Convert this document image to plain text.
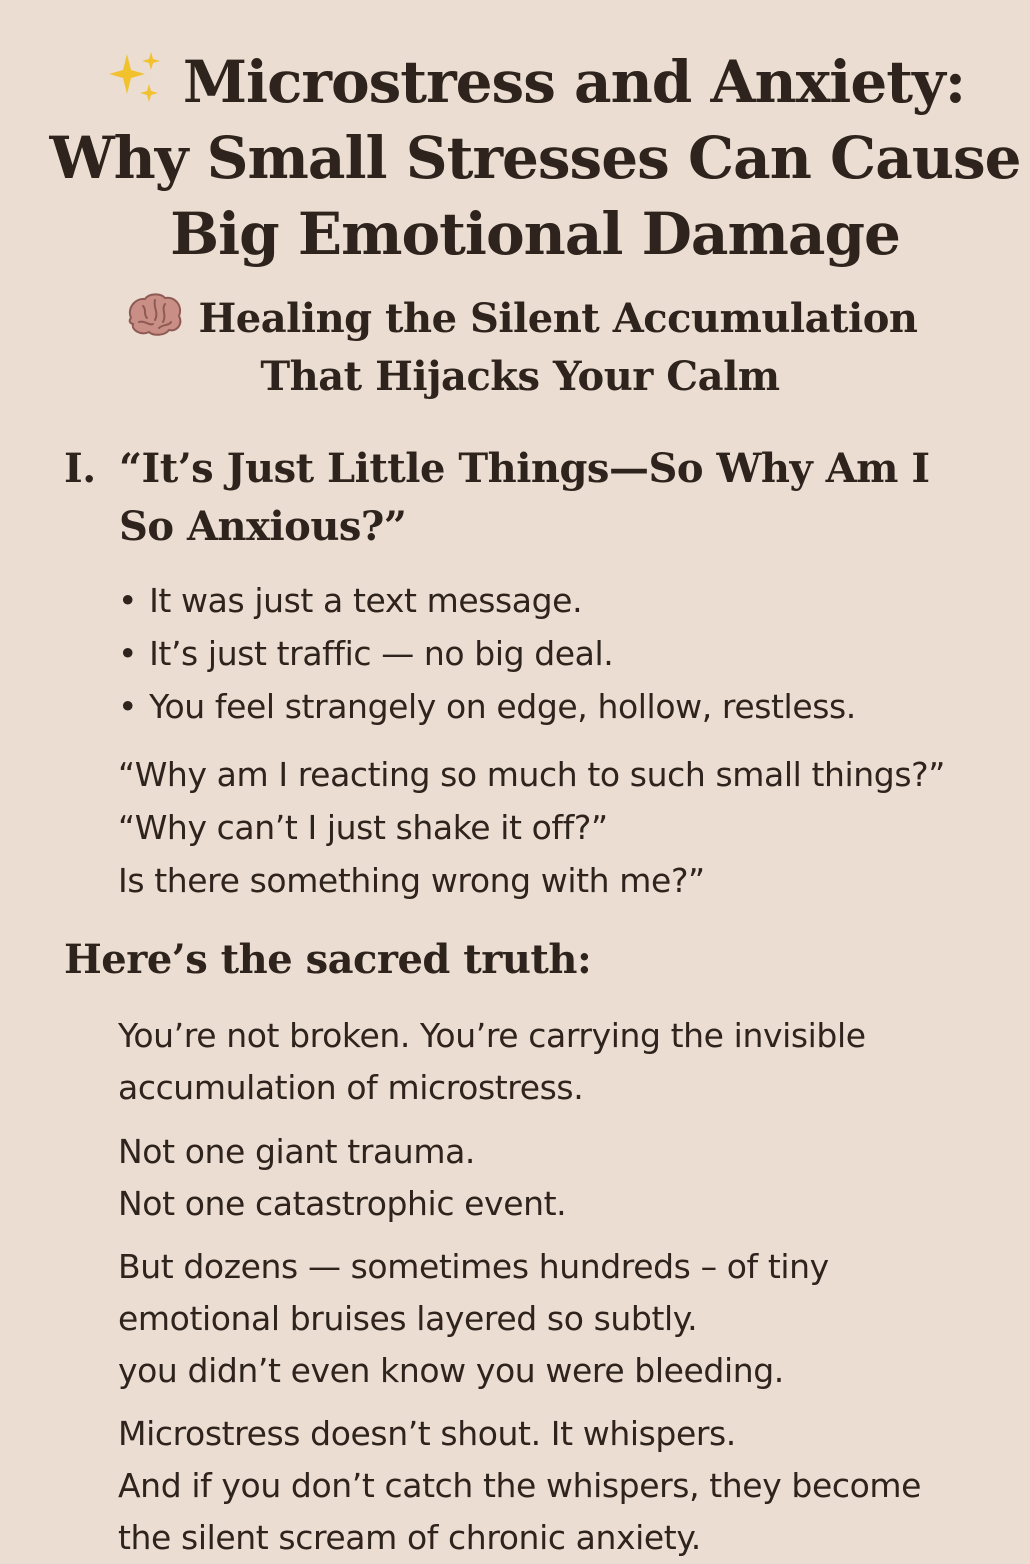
Microstress and Anxiety:
Why Small Stresses Can Cause
Big Emotional Damage
Healing the Silent Accumulation
That Hijacks Your Calm
I. “It’s Just Little Things—So Why Am I
So Anxious?”
• It was just a text message.
• It’s just traffic — no big deal.
• You feel strangely on edge, hollow, restless.
“Why am I reacting so much to such small things?”
“Why can’t I just shake it off?”
Is there something wrong with me?”
Here’s the sacred truth:
You’re not broken. You’re carrying the invisible
accumulation of microstress.
Not one giant trauma.
Not one catastrophic event.
But dozens — sometimes hundreds – of tiny
emotional bruises layered so subtly.
you didn’t even know you were bleeding.
Microstress doesn’t shout. It whispers.
And if you don’t catch the whispers, they become
the silent scream of chronic anxiety.
